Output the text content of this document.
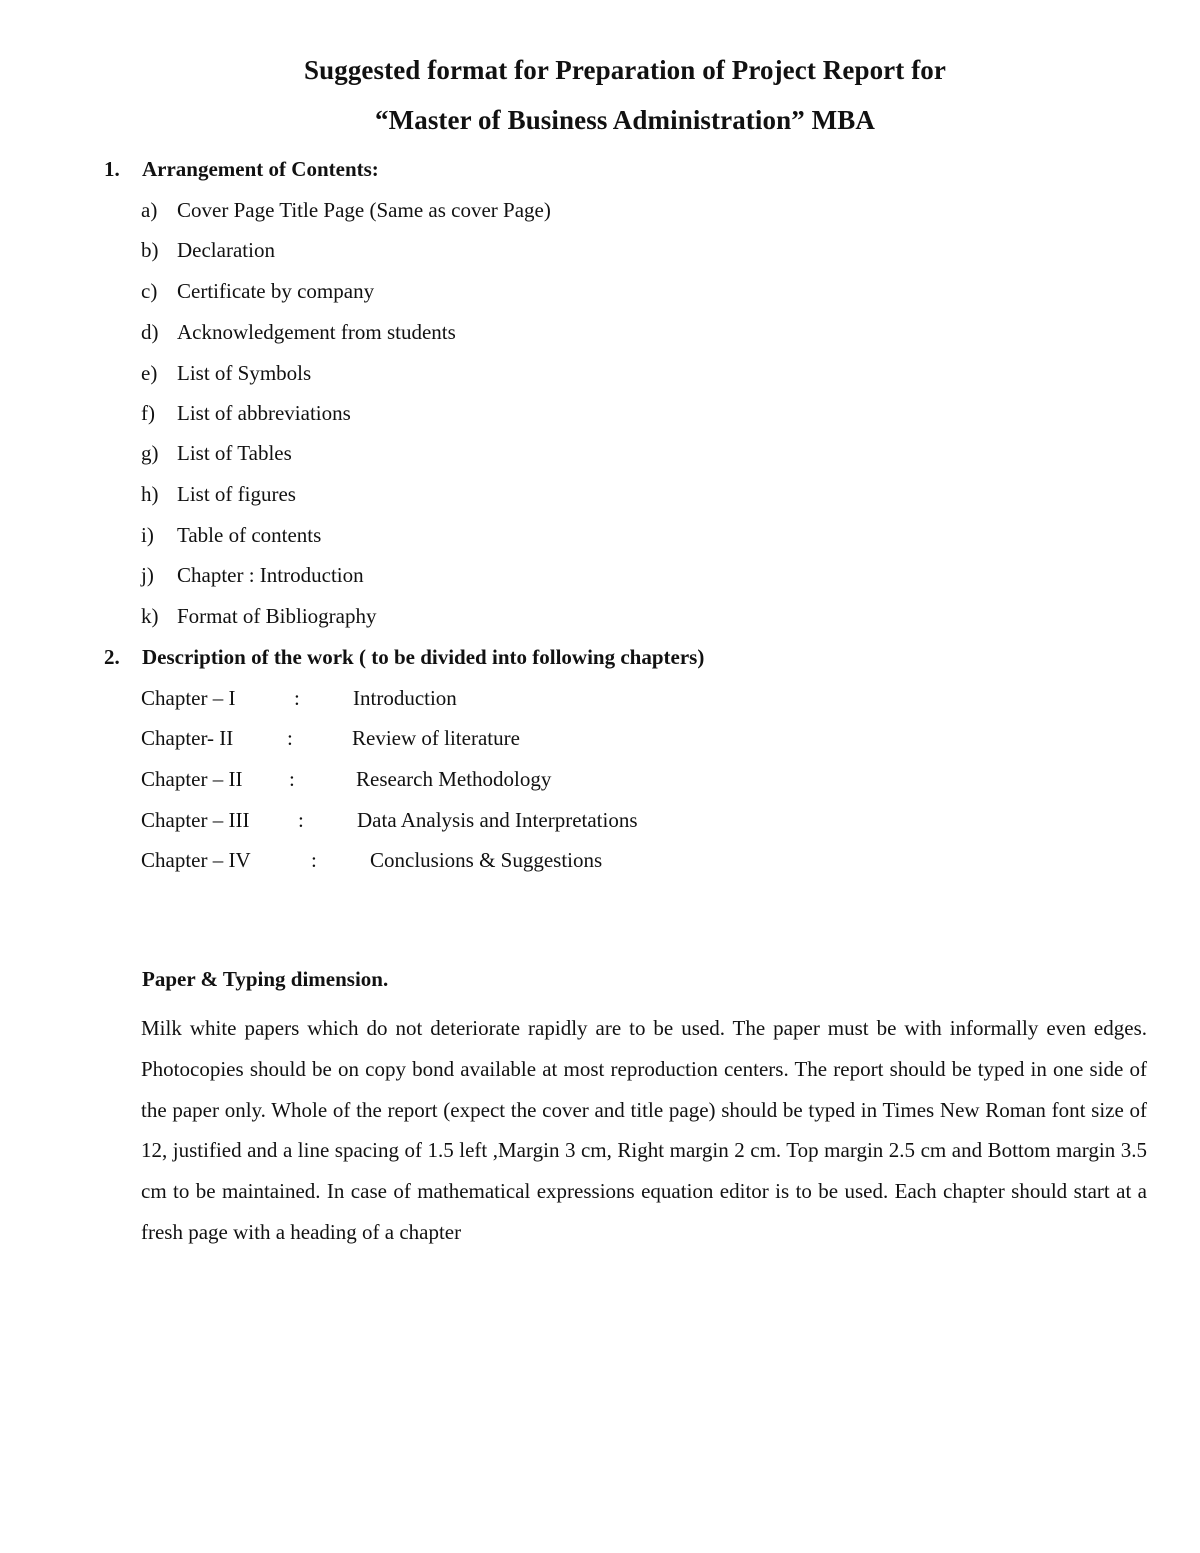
Suggested format for Preparation of Project Report for
“Master of Business Administration” MBA
1. Arrangement of Contents:
a) Cover Page Title Page (Same as cover Page)
b) Declaration
c) Certificate by company
d) Acknowledgement from students
e) List of Symbols
f) List of abbreviations
g) List of Tables
h) List of figures
i) Table of contents
j) Chapter : Introduction
k) Format of Bibliography
2. Description of the work ( to be divided into following chapters)
Chapter – I	:	Introduction
Chapter- II	:	Review of literature
Chapter – II :	Research Methodology
Chapter – III :	Data Analysis and Interpretations
Chapter – IV	:	Conclusions & Suggestions
Paper & Typing dimension.
Milk white papers which do not deteriorate rapidly are to be used. The paper must be with informally even edges. Photocopies should be on copy bond available at most reproduction centers. The report should be typed in one side of the paper only. Whole of the report (expect the cover and title page) should be typed in Times New Roman font size of 12, justified and a line spacing of 1.5 left ,Margin 3 cm, Right margin 2 cm. Top margin 2.5 cm and Bottom margin 3.5 cm to be maintained. In case of mathematical expressions equation editor is to be used. Each chapter should start at a fresh page with a heading of a chapter
